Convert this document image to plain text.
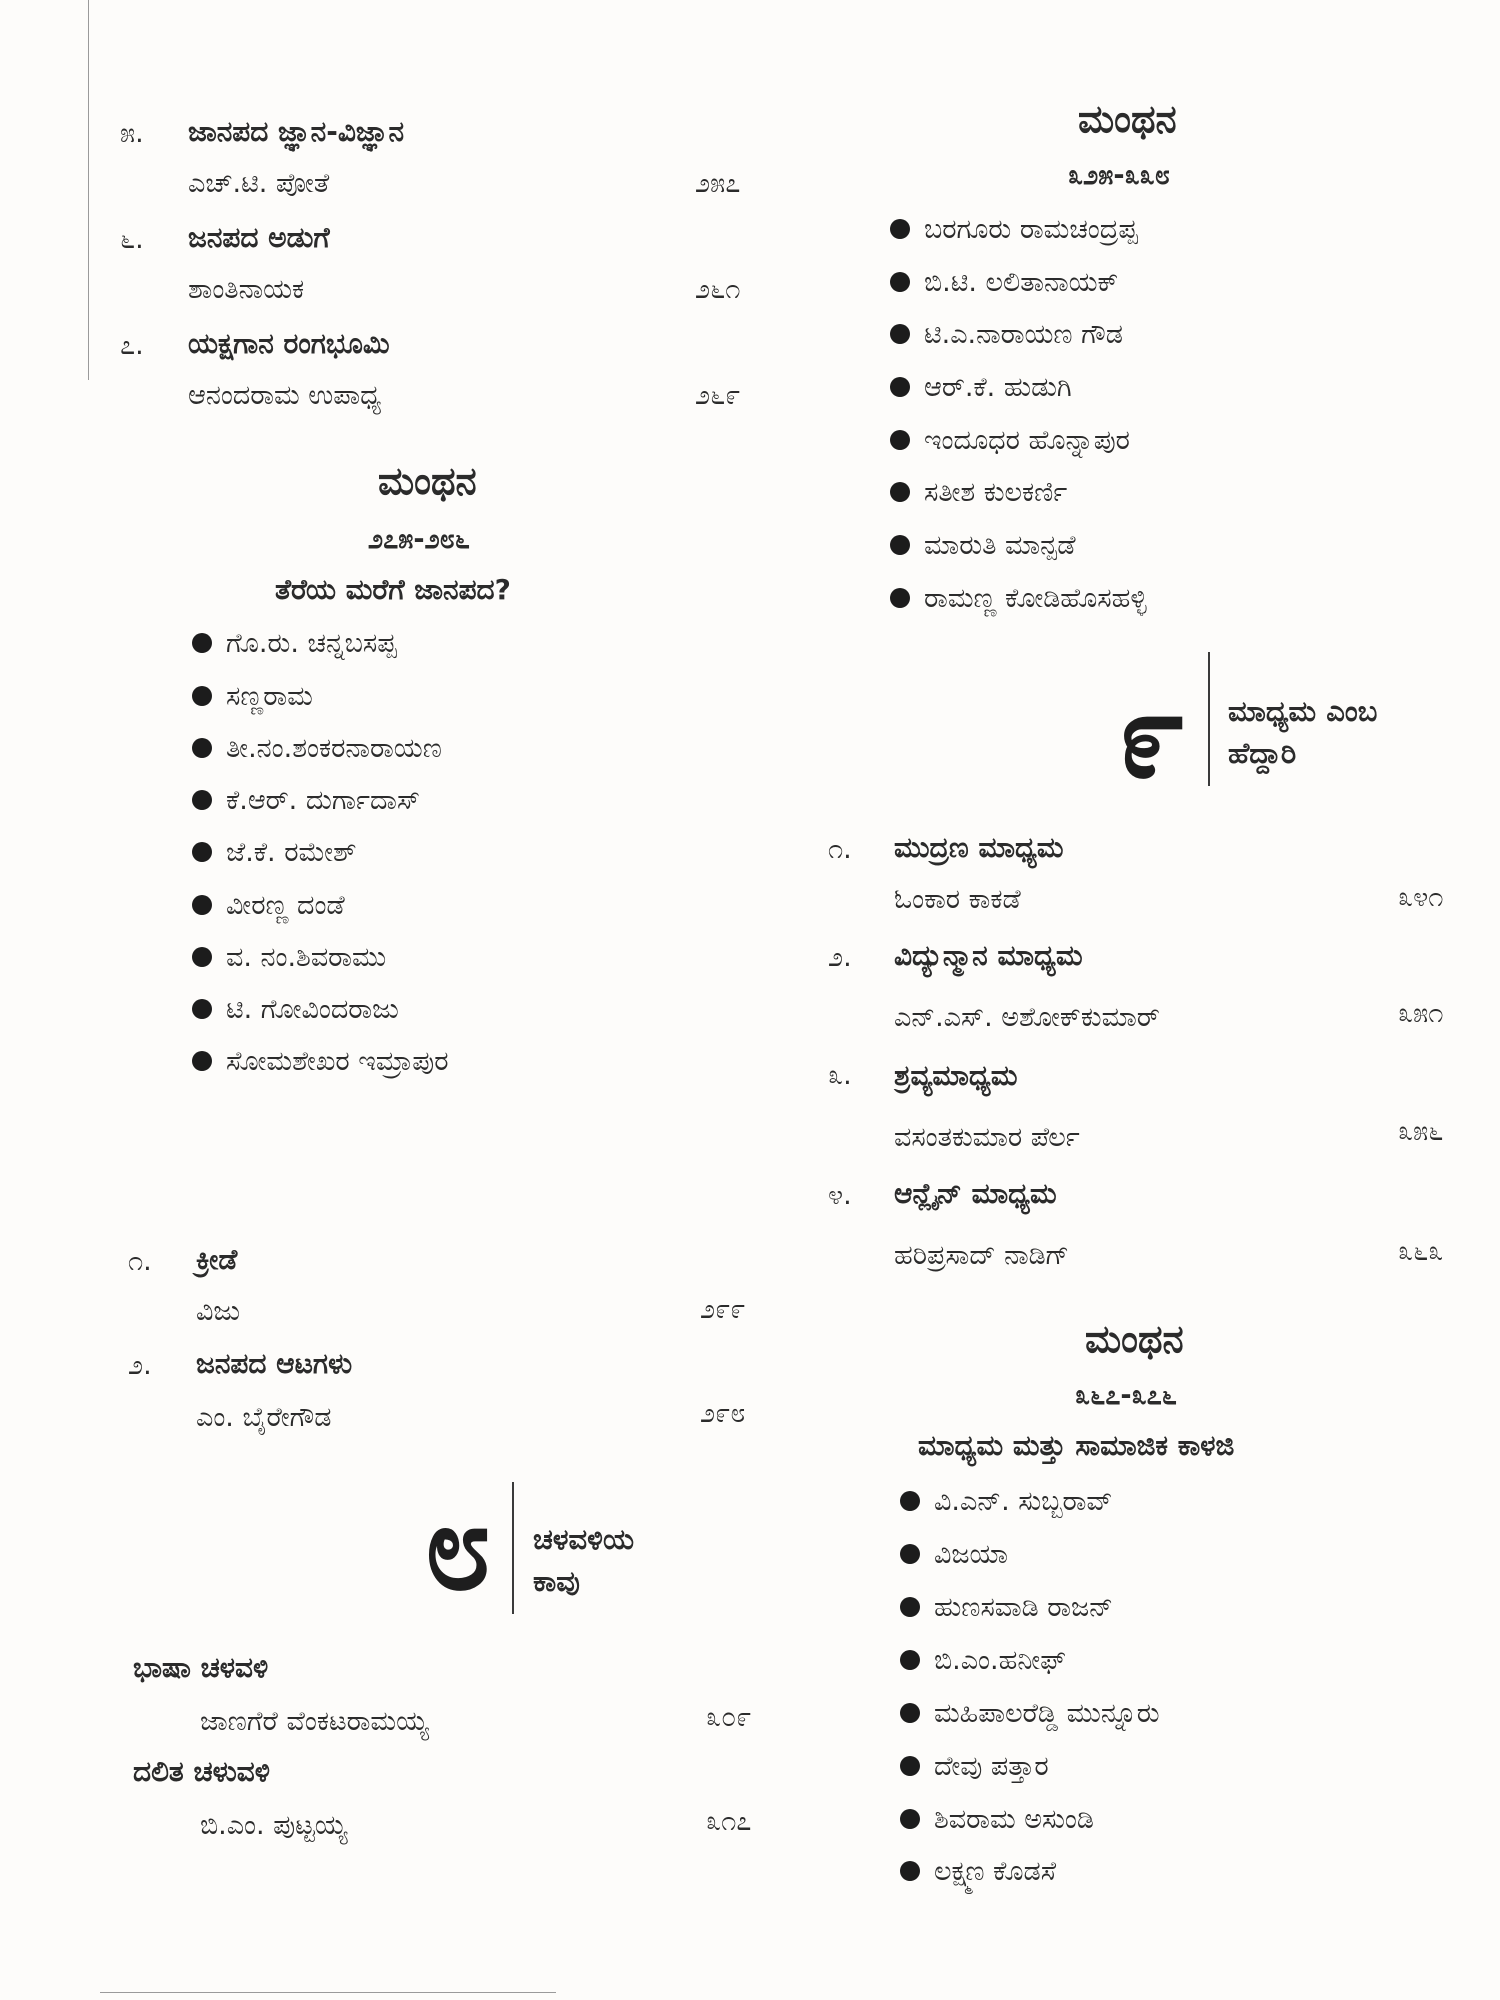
೫. ಜಾನಪದ ಜ್ಞಾನ-ವಿಜ್ಞಾನ
ಎಚ್.ಟಿ. ಪೋತೆ	೨೫೭
೬. ಜನಪದ ಅಡುಗೆ
ಶಾಂತಿನಾಯಕ	೨೬೧
೭. ಯಕ್ಷಗಾನ ರಂಗಭೂಮಿ
ಆನಂದರಾಮ ಉಪಾಧ್ಯ	೨೬೯
ಮಂಥನ
೨೭೫-೨೮೬
ತೆರೆಯ ಮರೆಗೆ ಜಾನಪದ?
ಗೊ.ರು. ಚನ್ನಬಸಪ್ಪ
ಸಣ್ಣರಾಮ
ತೀ.ನಂ.ಶಂಕರನಾರಾಯಣ
ಕೆ.ಆರ್. ದುರ್ಗಾದಾಸ್
ಜೆ.ಕೆ. ರಮೇಶ್
ವೀರಣ್ಣ ದಂಡೆ
ವ. ನಂ.ಶಿವರಾಮು
ಟಿ. ಗೋವಿಂದರಾಜು
ಸೋಮಶೇಖರ ಇಮ್ರಾಪುರ
೧. ಕ್ರೀಡೆ
ವಿಜು	೨೯೯
೨. ಜನಪದ ಆಟಗಳು
ಎಂ. ಬೈರೇಗೌಡ	೨೯೮
೮ ಚಳವಳಿಯ
ಕಾವು
ಭಾಷಾ ಚಳವಳಿ
ಜಾಣಗೆರೆ ವೆಂಕಟರಾಮಯ್ಯ	೩೦೯
ದಲಿತ ಚಳುವಳಿ
ಬಿ.ಎಂ. ಪುಟ್ಟಯ್ಯ	೩೧೭
ಮಂಥನ
೩೨೫-೩೩೮
ಬರಗೂರು ರಾಮಚಂದ್ರಪ್ಪ
ಬಿ.ಟಿ. ಲಲಿತಾನಾಯಕ್
ಟಿ.ಎ.ನಾರಾಯಣ ಗೌಡ
ಆರ್.ಕೆ. ಹುಡುಗಿ
ಇಂದೂಧರ ಹೊನ್ನಾಪುರ
ಸತೀಶ ಕುಲಕರ್ಣಿ
ಮಾರುತಿ ಮಾನ್ಪಡೆ
ರಾಮಣ್ಣ ಕೋಡಿಹೊಸಹಳ್ಳಿ
೯ ಮಾಧ್ಯಮ ಎಂಬ
ಹೆದ್ದಾರಿ
೧. ಮುದ್ರಣ ಮಾಧ್ಯಮ
ಓಂಕಾರ ಕಾಕಡೆ	೩೪೧
೨. ವಿದ್ಯುನ್ಮಾನ ಮಾಧ್ಯಮ
ಎನ್.ಎಸ್. ಅಶೋಕ್‌ಕುಮಾರ್	೩೫೧
೩. ಶ್ರವ್ಯಮಾಧ್ಯಮ
ವಸಂತಕುಮಾರ ಪೆರ್ಲ	೩೫೬
೪. ಆನ್ಲೈನ್ ಮಾಧ್ಯಮ
ಹರಿಪ್ರಸಾದ್ ನಾಡಿಗ್	೩೬೩
ಮಂಥನ
೩೬೭-೩೭೬
ಮಾಧ್ಯಮ ಮತ್ತು ಸಾಮಾಜಿಕ ಕಾಳಜಿ
ವಿ.ಎನ್. ಸುಬ್ಬರಾವ್
ವಿಜಯಾ
ಹುಣಸವಾಡಿ ರಾಜನ್
ಬಿ.ಎಂ.ಹನೀಫ್
ಮಹಿಪಾಲರೆಡ್ಡಿ ಮುನ್ನೂರು
ದೇವು ಪತ್ತಾರ
ಶಿವರಾಮ ಅಸುಂಡಿ
ಲಕ್ಷ್ಮಣ ಕೊಡಸೆ
